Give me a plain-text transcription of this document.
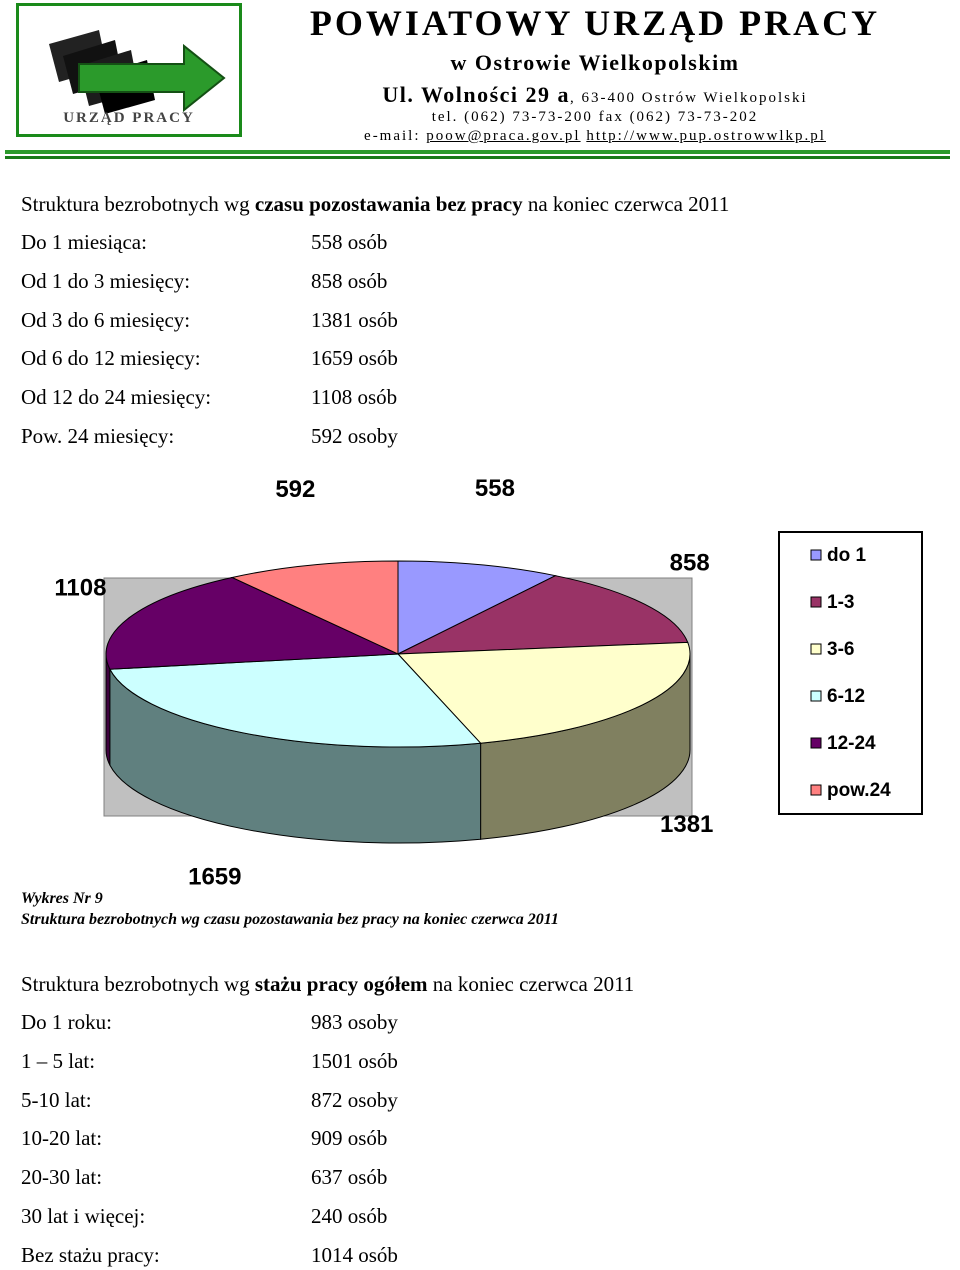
URZĄD PRACY
POWIATOWY URZĄD PRACY
w Ostrowie Wielkopolskim
Ul. Wolności 29 a, 63-400 Ostrów Wielkopolski
tel. (062) 73-73-200 fax (062) 73-73-202
e-mail: poow@praca.gov.pl http://www.pup.ostrowwlkp.pl
Struktura bezrobotnych wg czasu pozostawania bez pracy na koniec czerwca 2011
Do 1 miesiąca:	558 osób
Od 1 do 3 miesięcy:	858 osób
Od 3 do 6 miesięcy:	1381 osób
Od 6 do 12 miesięcy:	1659 osób
Od 12 do 24 miesięcy:	1108 osób
Pow. 24 miesięcy:	592 osoby
558
858
1381
1659
1108
592
do 1
1-3
3-6
6-12
12-24
pow.24
Wykres Nr 9
Struktura bezrobotnych wg czasu pozostawania bez pracy na koniec czerwca 2011
Struktura bezrobotnych wg stażu pracy ogółem na koniec czerwca 2011
Do 1 roku:	983 osoby
1 – 5 lat:	1501 osób
5-10 lat:	872 osoby
10-20 lat:	909 osób
20-30 lat:	637 osób
30 lat i więcej:	240 osób
Bez stażu pracy:	1014 osób
